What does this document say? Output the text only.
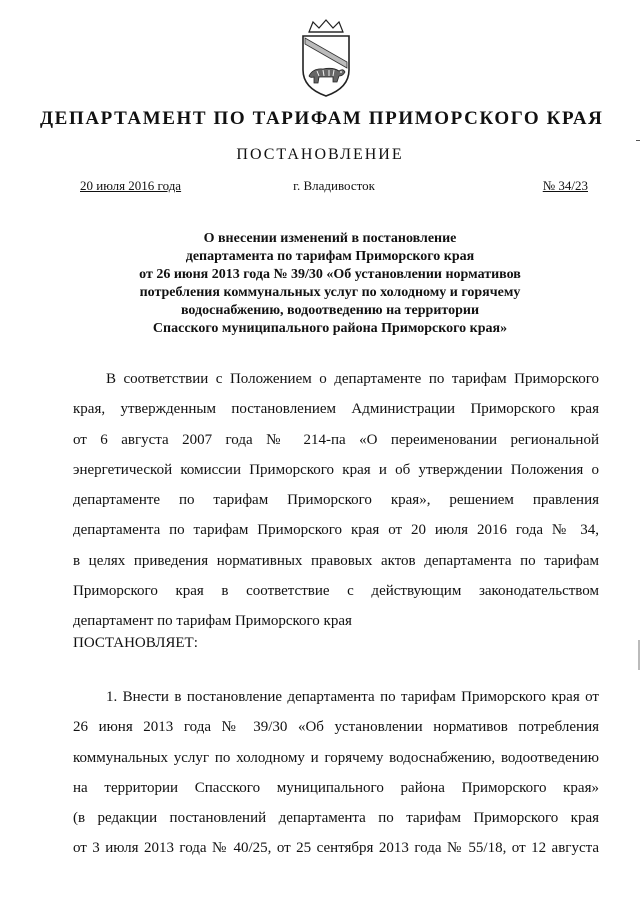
ДЕПАРТАМЕНТ ПО ТАРИФАМ ПРИМОРСКОГО КРАЯ
ПОСТАНОВЛЕНИЕ
20 июля 2016 года	г. Владивосток	№ 34/23
О внесении изменений в постановление
департамента по тарифам Приморского края
от 26 июня 2013 года № 39/30 «Об установлении нормативов
потребления коммунальных услуг по холодному и горячему
водоснабжению, водоотведению на территории
Спасского муниципального района Приморского края»
В соответствии с Положением о департаменте по тарифам Приморского
края, утвержденным постановлением Администрации Приморского края
от 6 августа 2007 года № 214-па «О переименовании региональной
энергетической комиссии Приморского края и об утверждении Положения о
департаменте по тарифам Приморского края», решением правления
департамента по тарифам Приморского края от 20 июля 2016 года № 34,
в целях приведения нормативных правовых актов департамента по тарифам
Приморского края в соответствие с действующим законодательством
департамент по тарифам Приморского края
ПОСТАНОВЛЯЕТ:
1. Внести в постановление департамента по тарифам Приморского края от
26 июня 2013 года № 39/30 «Об установлении нормативов потребления
коммунальных услуг по холодному и горячему водоснабжению, водоотведению
на территории Спасского муниципального района Приморского края»
(в редакции постановлений департамента по тарифам Приморского края
от 3 июля 2013 года № 40/25, от 25 сентября 2013 года № 55/18, от 12 августа
